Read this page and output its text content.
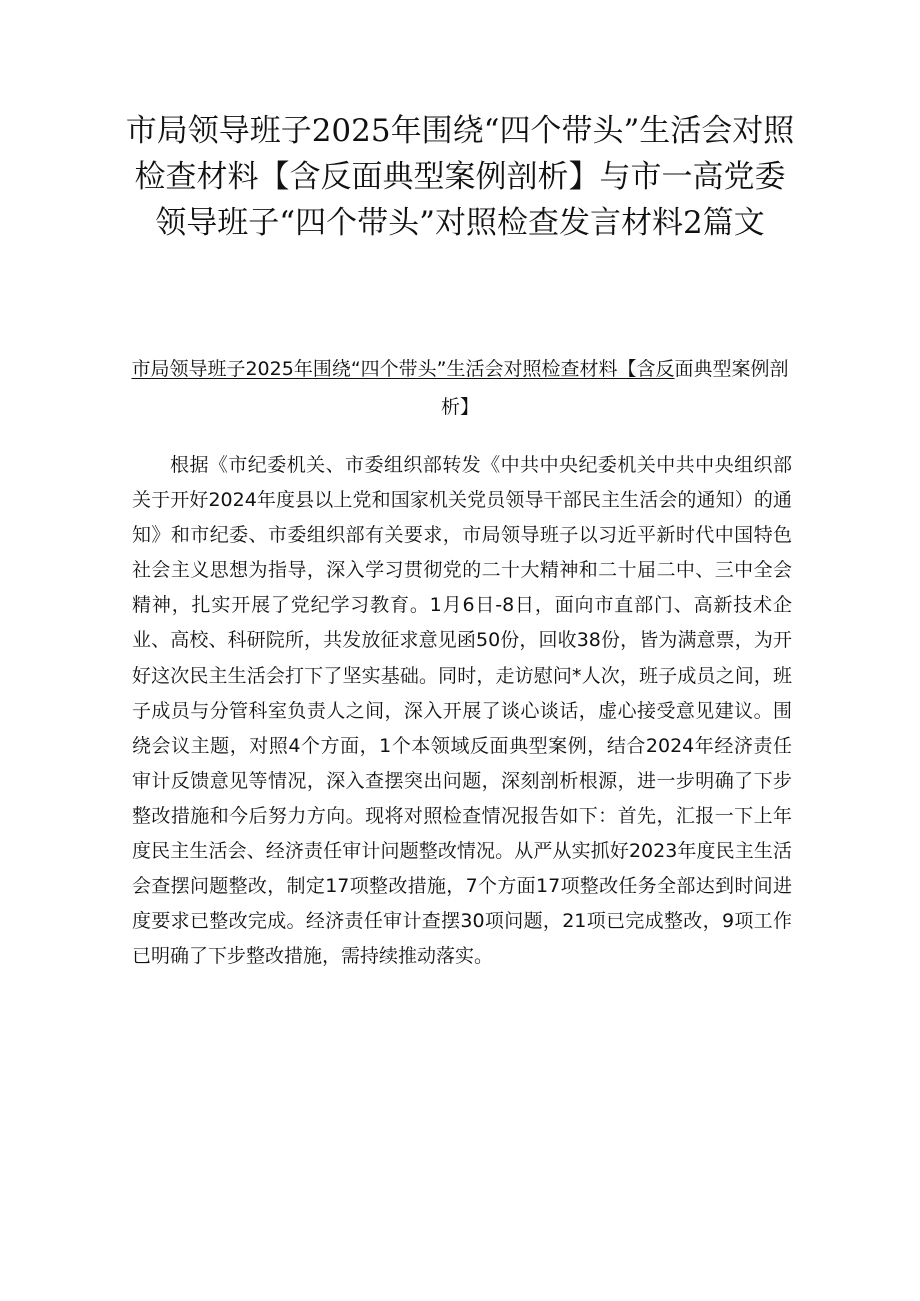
市局领导班子2025年围绕“四个带头”生活会对照检查材料【含反面典型案例剖析】与市一高党委领导班子“四个带头”对照检查发言材料2篇文
市局领导班子2025年围绕“四个带头”生活会对照检查材料【含反面典型案例剖析】

根据《市纪委机关、市委组织部转发《中共中央纪委机关中共中央组织部关于开好2024年度县以上党和国家机关党员领导干部民主生活会的通知）的通知》和市纪委、市委组织部有关要求，市局领导班子以习近平新时代中国特色社会主义思想为指导，深入学习贯彻党的二十大精神和二十届二中、三中全会精神，扎实开展了党纪学习教育。1月6日-8日，面向市直部门、高新技术企业、高校、科研院所，共发放征求意见函50份，回收38份，皆为满意票，为开好这次民主生活会打下了坚实基础。同时，走访慰问*人次，班子成员之间，班子成员与分管科室负责人之间，深入开展了谈心谈话，虚心接受意见建议。围绕会议主题，对照4个方面，1个本领域反面典型案例，结合2024年经济责任审计反馈意见等情况，深入查摆突出问题，深刻剖析根源，进一步明确了下步整改措施和今后努力方向。现将对照检查情况报告如下：首先，汇报一下上年度民主生活会、经济责任审计问题整改情况。从严从实抓好2023年度民主生活会查摆问题整改，制定17项整改措施，7个方面17项整改任务全部达到时间进度要求已整改完成。经济责任审计查摆30项问题，21项已完成整改，9项工作已明确了下步整改措施，需持续推动落实。
